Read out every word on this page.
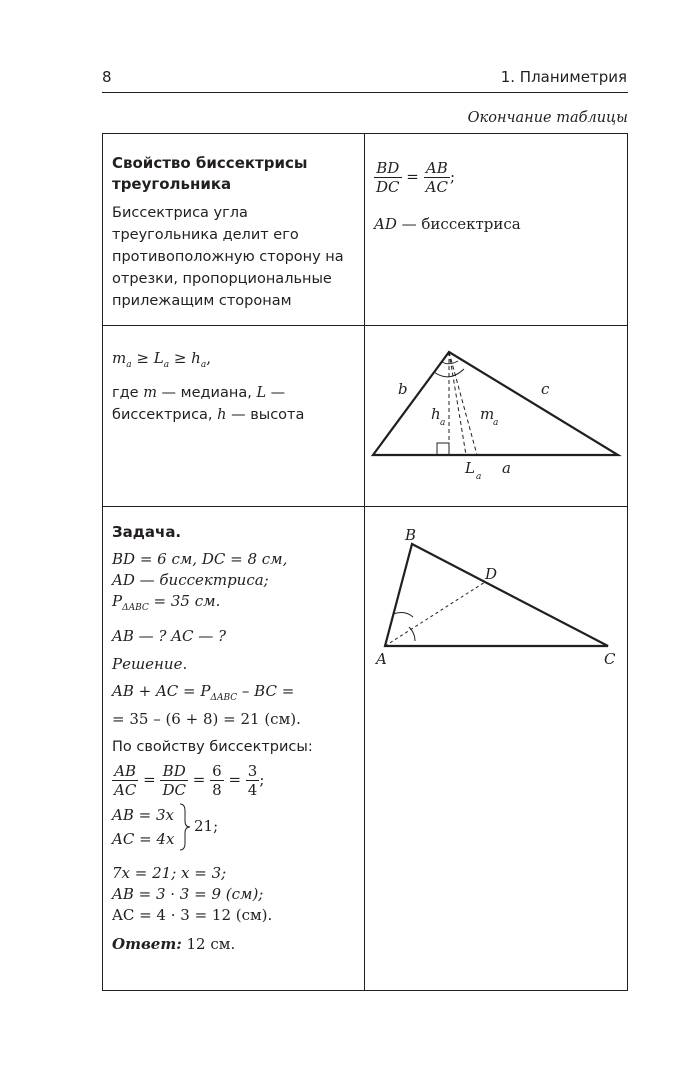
8	1. Планиметрия
Окончание таблицы

Свойство биссектрисы треугольника

Биссектриса угла треугольника делит его противоположную сторону на отрезки, пропорциональные прилежащим сторонам

$\frac{BD}{DC} = \frac{AB}{AC}$ ;

AD — биссектриса

$m_a \ge L_a \ge h_a$,

где m — медиана, L — биссектриса, h — высота

b	c
a
h a m
a
L a

Задача.

BD = 6 см, DC = 8 см,

AD — биссектриса;

$P_{\Delta ABC} = 35$ см.

AB — ? AC — ?

Решение.

AB + AC = $P_{\Delta ABC}$ – BC =

= 35 – (6 + 8) = 21 (см).

По свойству биссектрисы:

$\frac{AB}{AC} = \frac{BD}{DC} = \frac{6}{8} = \frac{3}{4}$ ;

AB = 3x

AC = 4x

21;

7x = 21; x = 3;

AB = 3 · 3 = 9 (см);

AC = 4 · 3 = 12 (см).

Ответ: 12 см.

A
B
C
D
